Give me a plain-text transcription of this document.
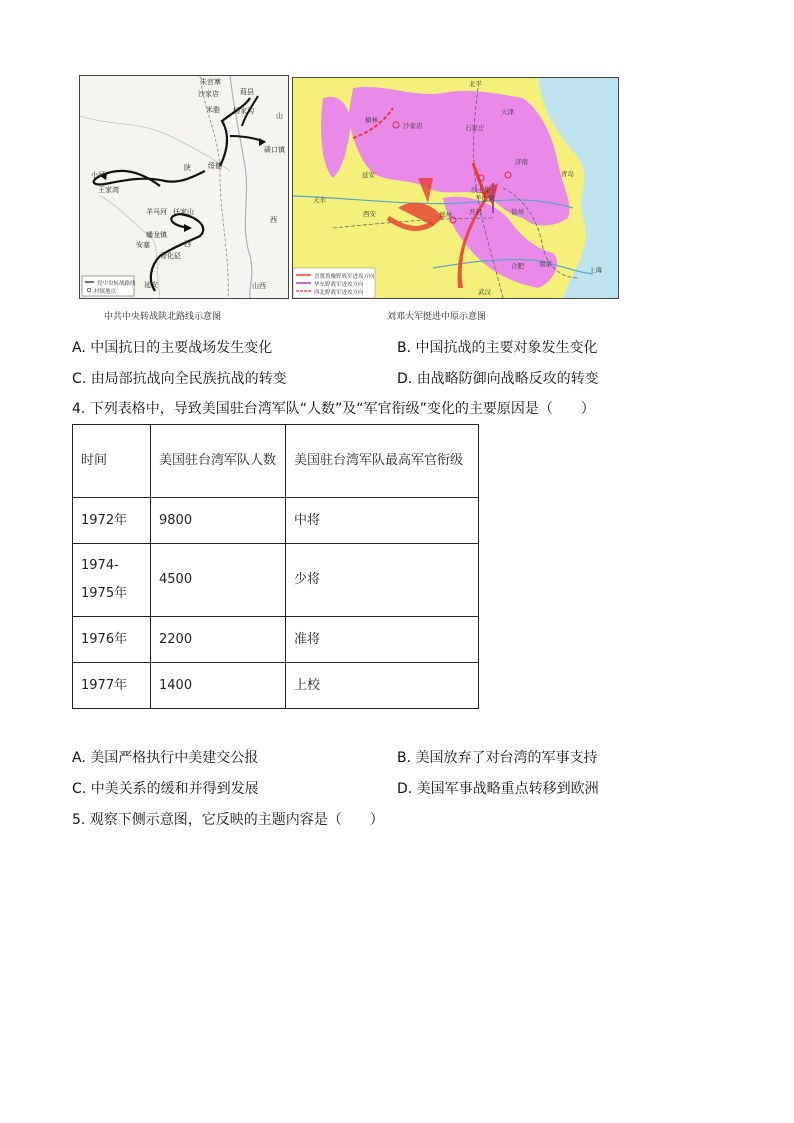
朱官寨
葭县
沙家店
米脂 杨家沟
碛口镇
山
小河
陕 绥德
王家湾
羊马河 任家山
蟠龙镇
安塞	西
青化砭
延安
西
山西
党中央转战路线
村镇地点
中共中央转战陕北路线示意图
北平
榆林
沙家店
天津
石家庄
延安
济南
青岛
沙土集
羊山集
天水
西安	郑州	徐州
开封
合肥 南京
上海
武汉
晋冀鲁豫野战军进攻方向
华东野战军进攻方向
西北野战军进攻方向
刘邓大军挺进中原示意图
A. 中国抗日的主要战场发生变化	B. 中国抗战的主要对象发生变化
C. 由局部抗战向全民族抗战的转变	D. 由战略防御向战略反攻的转变
4. 下列表格中，导致美国驻台湾军队“人数”及“军官衔级”变化的主要原因是（　　）
时间	美国驻台湾军队人数	美国驻台湾军队最高军官衔级

1972年	9800	中将

1974-1975年	4500	少将
1976年	2200	准将
1977年	1400	上校
A. 美国严格执行中美建交公报	B. 美国放弃了对台湾的军事支持
C. 中美关系的缓和并得到发展	D. 美国军事战略重点转移到欧洲
5. 观察下侧示意图，它反映的主题内容是（　　）
